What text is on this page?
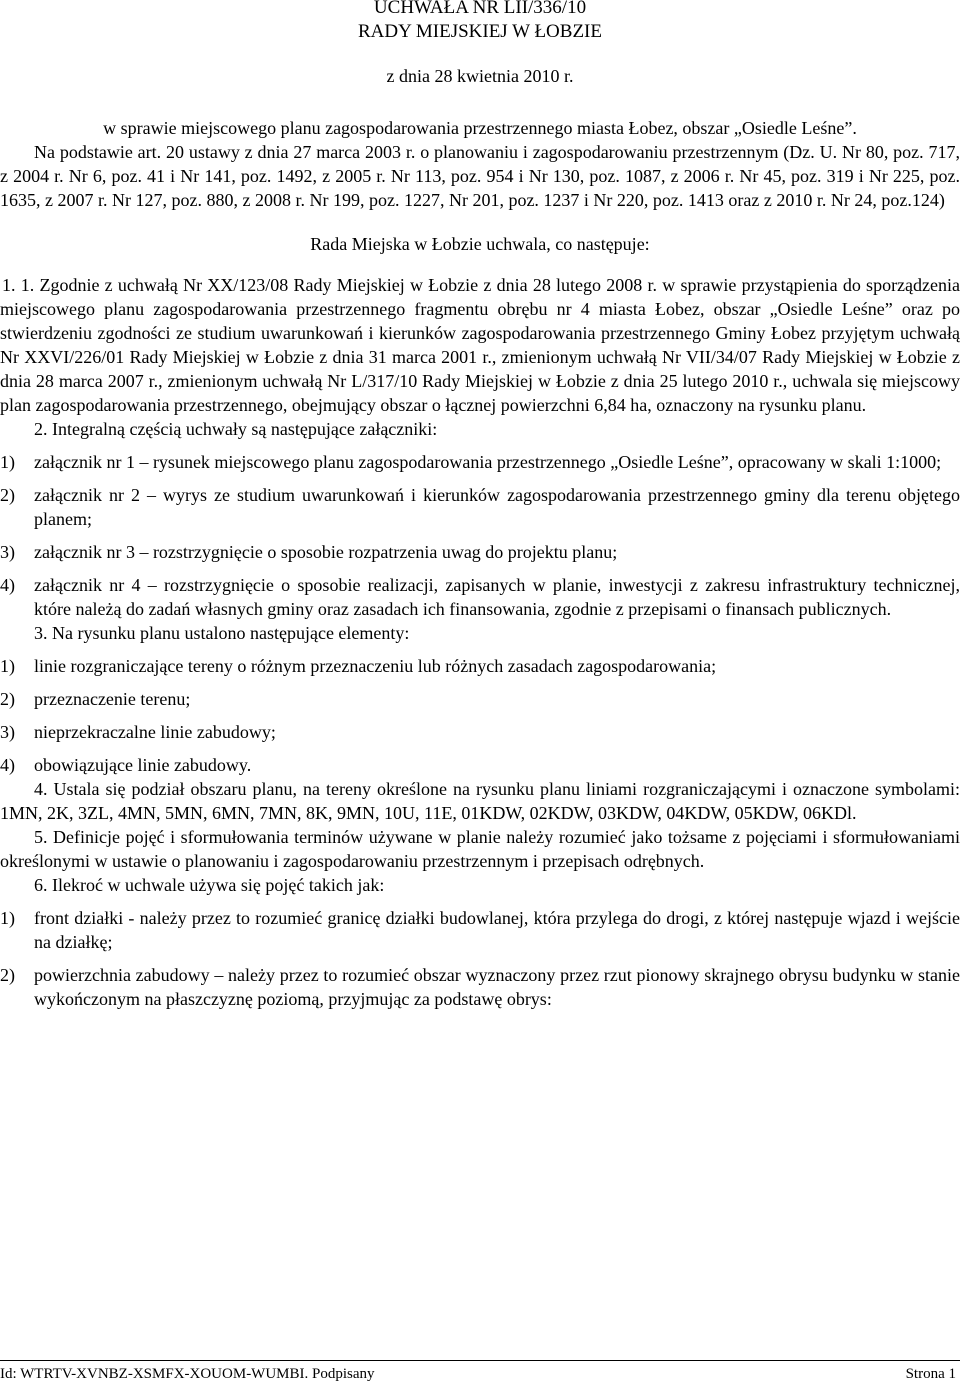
UCHWAŁA NR LII/336/10
RADY MIEJSKIEJ W ŁOBZIE
z dnia 28 kwietnia 2010 r.
w sprawie miejscowego planu zagospodarowania przestrzennego miasta Łobez, obszar „Osiedle Leśne”.

Na podstawie art. 20 ustawy z dnia 27 marca 2003 r. o planowaniu i zagospodarowaniu przestrzennym (Dz. U. Nr 80, poz. 717, z 2004 r. Nr 6, poz. 41 i Nr 141, poz. 1492, z 2005 r. Nr 113, poz. 954 i Nr 130, poz. 1087, z 2006 r. Nr 45, poz. 319 i Nr 225, poz. 1635, z 2007 r. Nr 127, poz. 880, z 2008 r. Nr 199, poz. 1227, Nr 201, poz. 1237 i Nr 220, poz. 1413 oraz z 2010 r. Nr 24, poz.124)

Rada Miejska w Łobzie uchwala, co następuje:

1. 1. Zgodnie z uchwałą Nr XX/123/08 Rady Miejskiej w Łobzie z dnia 28 lutego 2008 r. w sprawie przystąpienia do sporządzenia miejscowego planu zagospodarowania przestrzennego fragmentu obrębu nr 4 miasta Łobez, obszar „Osiedle Leśne” oraz po stwierdzeniu zgodności ze studium uwarunkowań i kierunków zagospodarowania przestrzennego Gminy Łobez przyjętym uchwałą Nr XXVI/226/01 Rady Miejskiej w Łobzie z dnia 31 marca 2001 r., zmienionym uchwałą Nr VII/34/07 Rady Miejskiej w Łobzie z dnia 28 marca 2007 r., zmienionym uchwałą Nr L/317/10 Rady Miejskiej w Łobzie z dnia 25 lutego 2010 r., uchwala się miejscowy plan zagospodarowania przestrzennego, obejmujący obszar o łącznej powierzchni 6,84 ha, oznaczony na rysunku planu.

2. Integralną częścią uchwały są następujące załączniki:

1) załącznik nr 1 – rysunek miejscowego planu zagospodarowania przestrzennego „Osiedle Leśne”, opracowany w skali 1:1000;
2) załącznik nr 2 – wyrys ze studium uwarunkowań i kierunków zagospodarowania przestrzennego gminy dla terenu objętego planem;
3) załącznik nr 3 – rozstrzygnięcie o sposobie rozpatrzenia uwag do projektu planu;
4) załącznik nr 4 – rozstrzygnięcie o sposobie realizacji, zapisanych w planie, inwestycji z zakresu infrastruktury technicznej, które należą do zadań własnych gminy oraz zasadach ich finansowania, zgodnie z przepisami o finansach publicznych.

3. Na rysunku planu ustalono następujące elementy:

1) linie rozgraniczające tereny o różnym przeznaczeniu lub różnych zasadach zagospodarowania;
2) przeznaczenie terenu;
3) nieprzekraczalne linie zabudowy;
4) obowiązujące linie zabudowy.

4. Ustala się podział obszaru planu, na tereny określone na rysunku planu liniami rozgraniczającymi i oznaczone symbolami: 1MN, 2K, 3ZL, 4MN, 5MN, 6MN, 7MN, 8K, 9MN, 10U, 11E, 01KDW, 02KDW, 03KDW, 04KDW, 05KDW, 06KDl.

5. Definicje pojęć i sformułowania terminów używane w planie należy rozumieć jako tożsame z pojęciami i sformułowaniami określonymi w ustawie o planowaniu i zagospodarowaniu przestrzennym i przepisach odrębnych.

6. Ilekroć w uchwale używa się pojęć takich jak:

1) front działki - należy przez to rozumieć granicę działki budowlanej, która przylega do drogi, z której następuje wjazd i wejście na działkę;
2) powierzchnia zabudowy – należy przez to rozumieć obszar wyznaczony przez rzut pionowy skrajnego obrysu budynku w stanie wykończonym na płaszczyznę poziomą, przyjmując za podstawę obrys:
Id: WTRTV-XVNBZ-XSMFX-XOUOM-WUMBI. Podpisany	Strona 1
